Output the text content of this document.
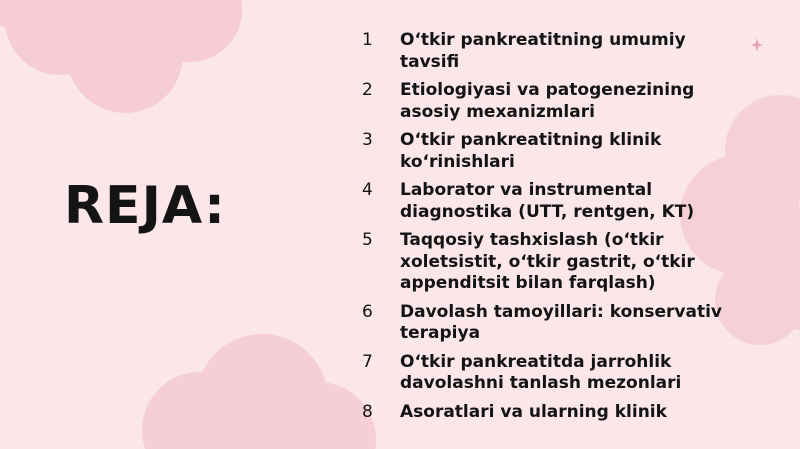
REJA:
1	O‘tkir pankreatitning umumiy tavsifi
2	Etiologiyasi va patogenezining asosiy mexanizmlari
3	O‘tkir pankreatitning klinik ko‘rinishlari
4	Laborator va instrumental diagnostika (UTT, rentgen, KT)
5	Taqqosiy tashxislash (o‘tkir xoletsistit, o‘tkir gastrit, o‘tkir appenditsit bilan farqlash)
6	Davolash tamoyillari: konservativ terapiya
7	O‘tkir pankreatitda jarrohlik davolashni tanlash mezonlari
8	Asoratlari va ularning klinik
